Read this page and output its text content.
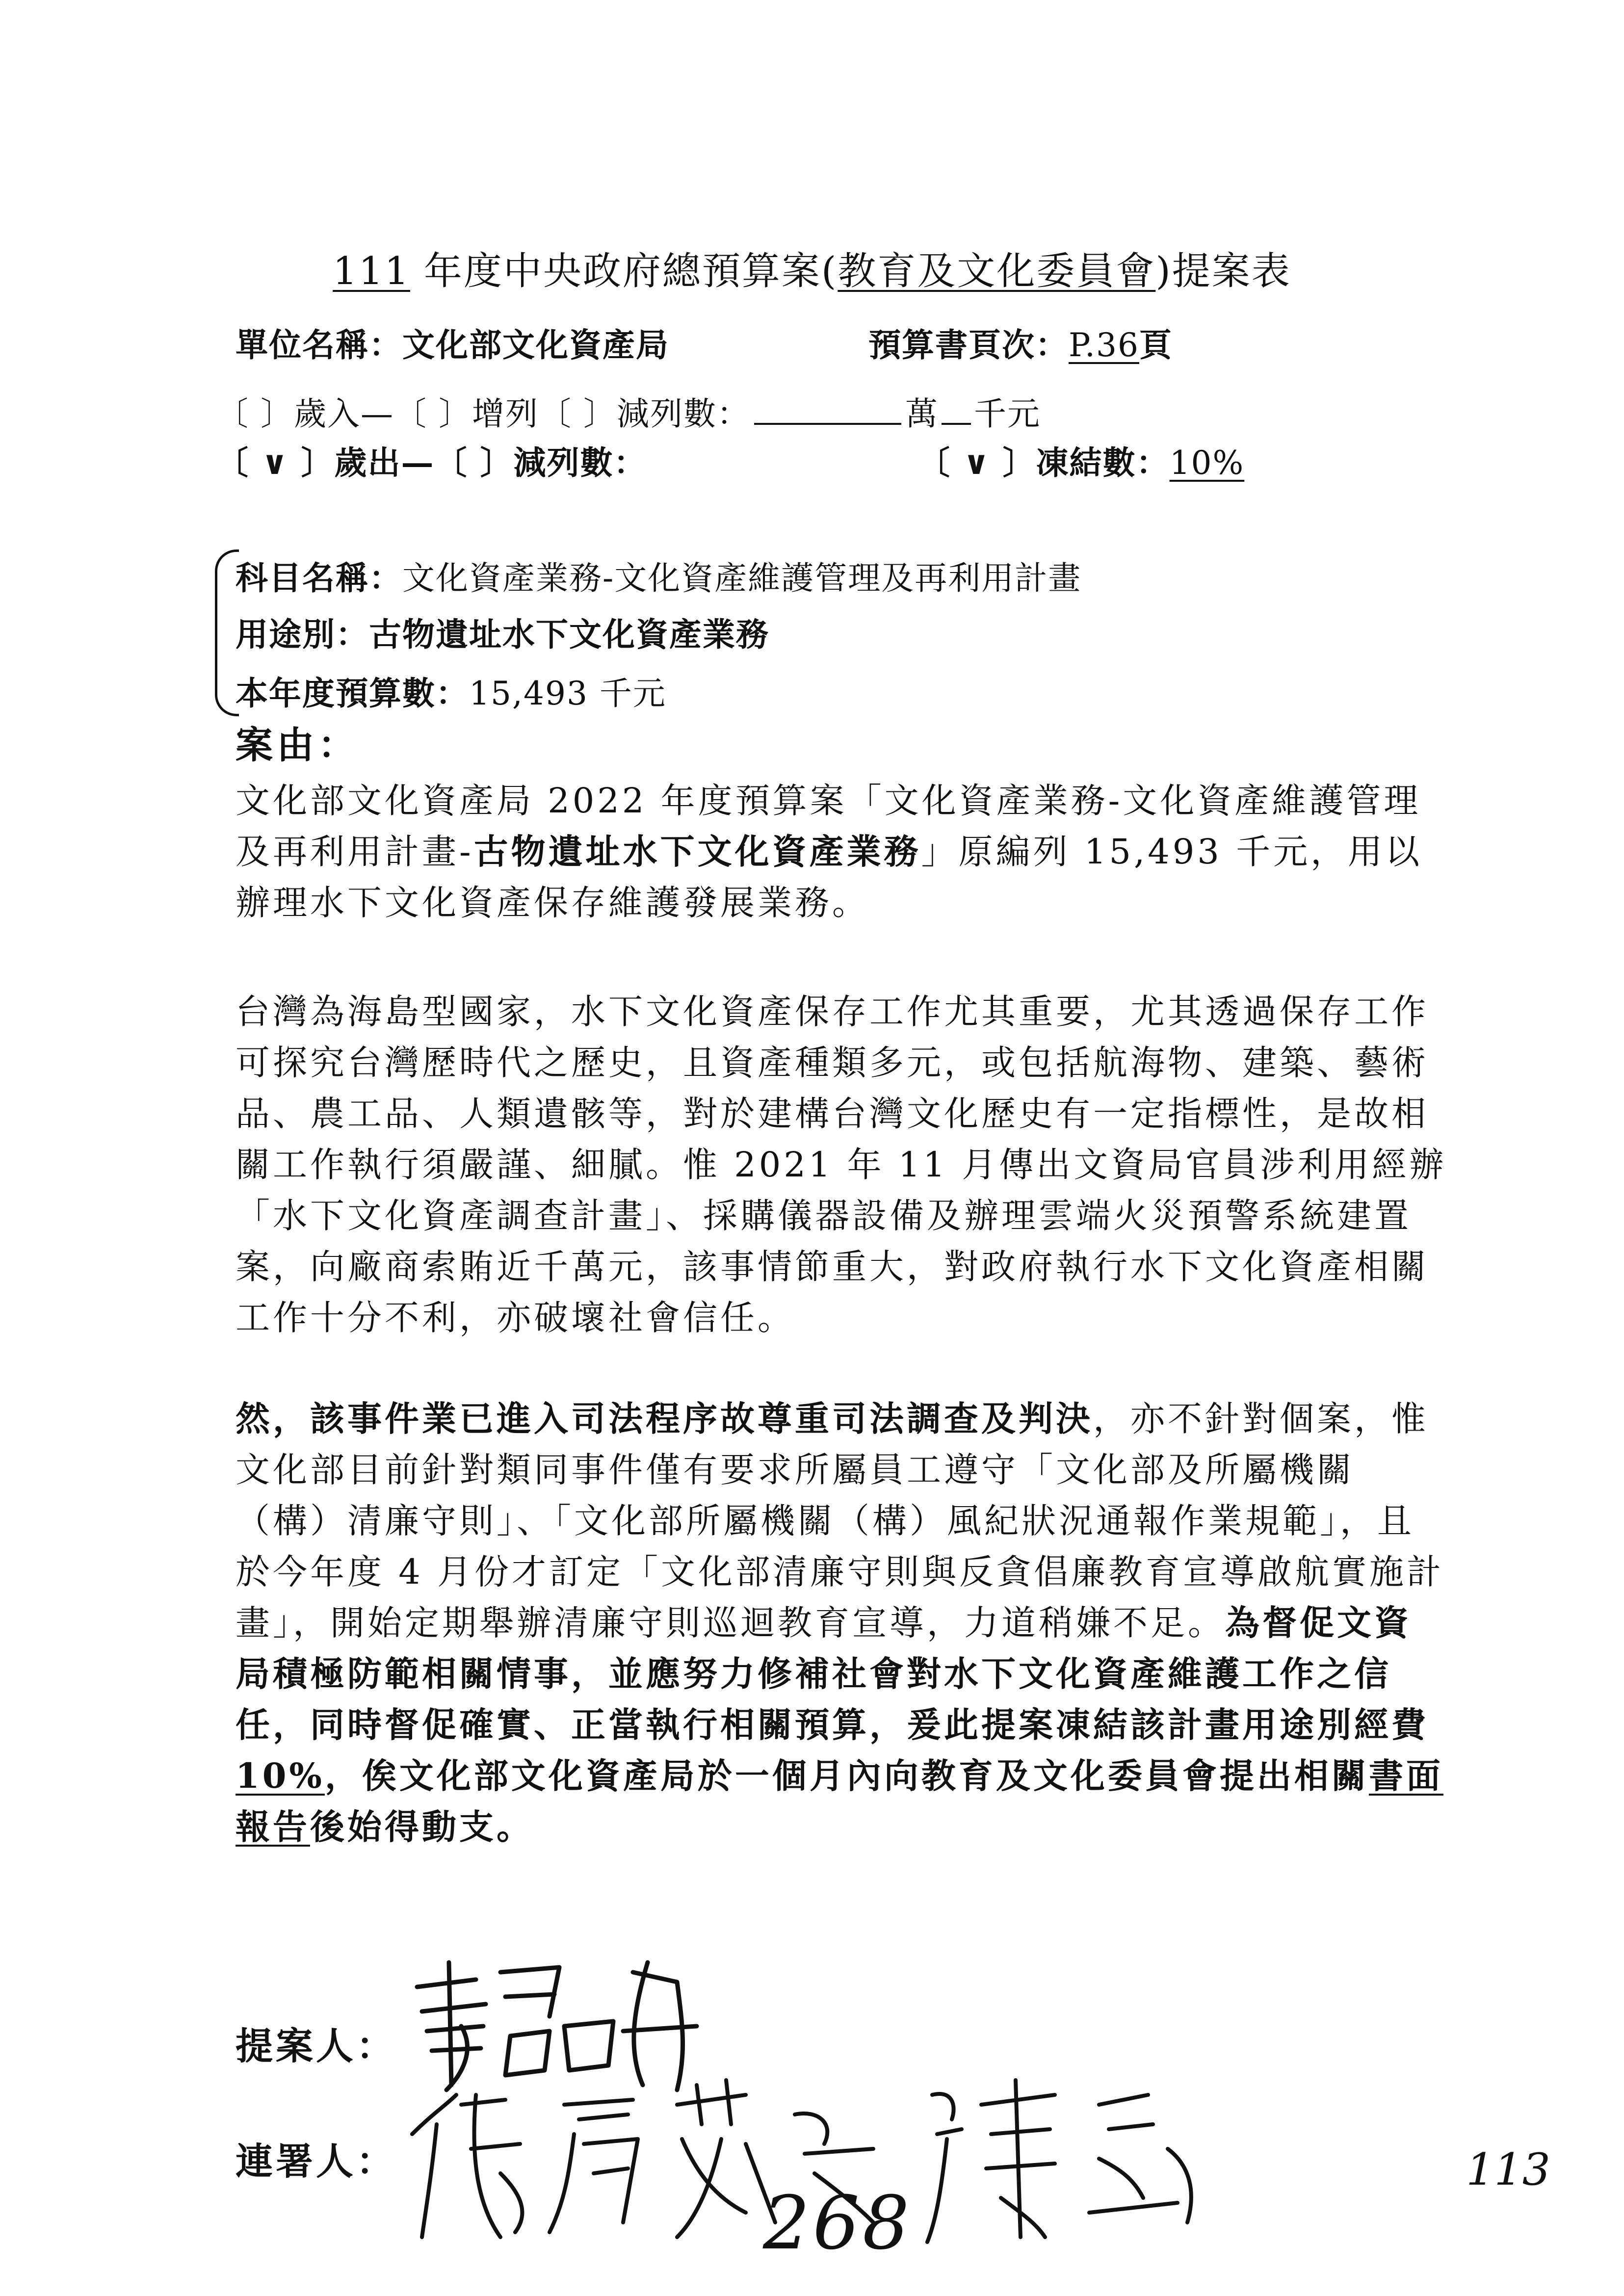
111 年度中央政府總預算案(教育及文化委員會)提案表
單位名稱：文化部文化資產局	預算書頁次：P.36頁
〔 〕歲入—〔 〕增列〔 〕減列數：	萬 千元
〔 ∨ 〕歲出—〔 〕減列數：	〔 ∨ 〕凍結數：10%
科目名稱：文化資產業務-文化資產維護管理及再利用計畫
用途別：古物遺址水下文化資產業務
本年度預算數：15,493 千元
案由：
文化部文化資產局 2022 年度預算案「文化資產業務-文化資產維護管理及再利用計畫-古物遺址水下文化資產業務」原編列 15,493 千元，用以辦理水下文化資產保存維護發展業務。
台灣為海島型國家，水下文化資產保存工作尤其重要，尤其透過保存工作可探究台灣歷時代之歷史，且資產種類多元，或包括航海物、建築、藝術品、農工品、人類遺骸等，對於建構台灣文化歷史有一定指標性，是故相關工作執行須嚴謹、細膩。惟 2021 年 11 月傳出文資局官員涉利用經辦「水下文化資產調查計畫」、採購儀器設備及辦理雲端火災預警系統建置案，向廠商索賄近千萬元，該事情節重大，對政府執行水下文化資產相關工作十分不利，亦破壞社會信任。
然，該事件業已進入司法程序故尊重司法調查及判決，亦不針對個案，惟文化部目前針對類同事件僅有要求所屬員工遵守「文化部及所屬機關（構）清廉守則」、「文化部所屬機關（構）風紀狀況通報作業規範」，且於今年度 4 月份才訂定「文化部清廉守則與反貪倡廉教育宣導啟航實施計畫」，開始定期舉辦清廉守則巡迴教育宣導，力道稍嫌不足。為督促文資局積極防範相關情事，並應努力修補社會對水下文化資產維護工作之信任，同時督促確實、正當執行相關預算，爰此提案凍結該計畫用途別經費 10%，俟文化部文化資產局於一個月內向教育及文化委員會提出相關書面報告後始得動支。
提案人：
連署人：
268
113
